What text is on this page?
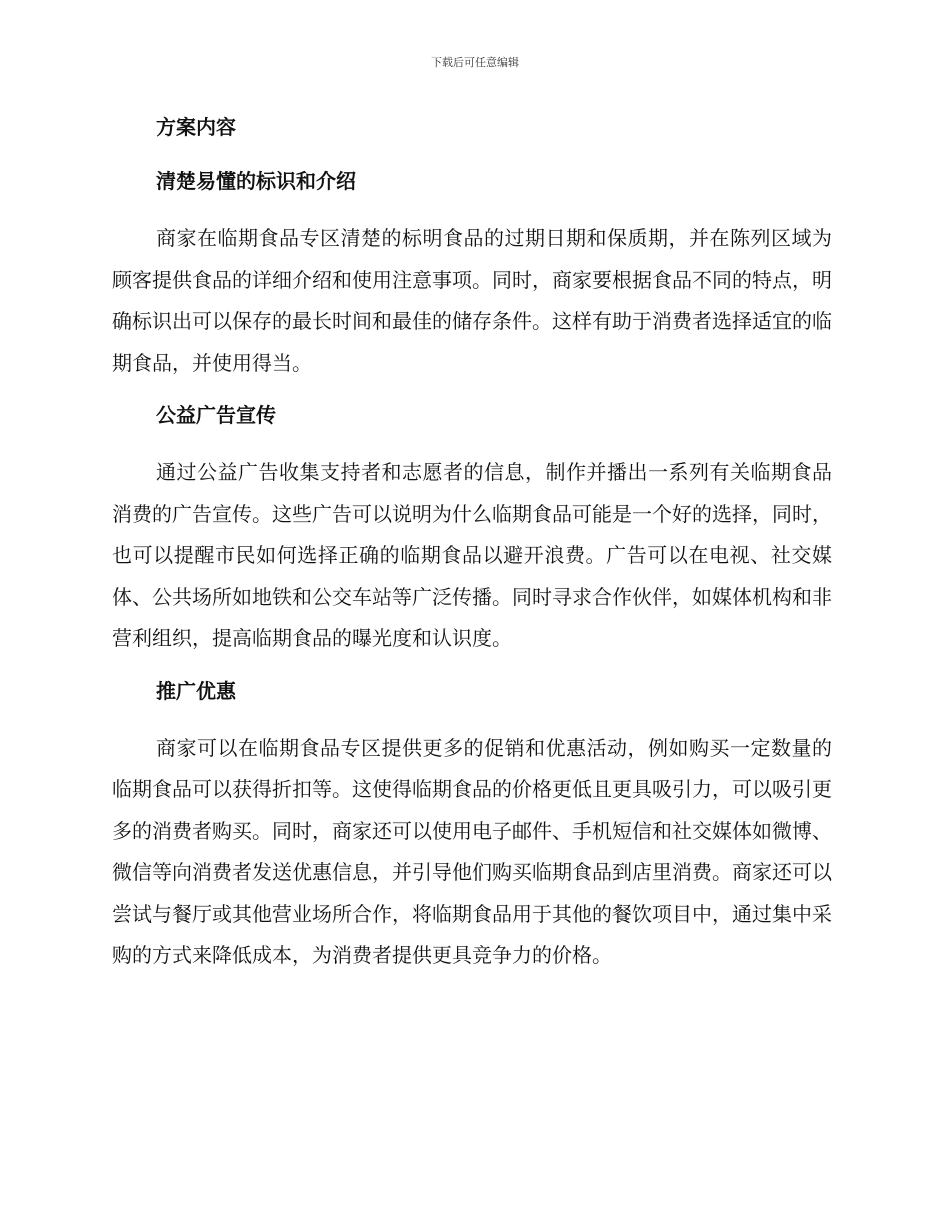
下载后可任意编辑
方案内容
清楚易懂的标识和介绍

商家在临期食品专区清楚的标明食品的过期日期和保质期，并在陈列区域为顾客提供食品的详细介绍和使用注意事项。同时，商家要根据食品不同的特点，明确标识出可以保存的最长时间和最佳的储存条件。这样有助于消费者选择适宜的临期食品，并使用得当。

公益广告宣传

通过公益广告收集支持者和志愿者的信息，制作并播出一系列有关临期食品消费的广告宣传。这些广告可以说明为什么临期食品可能是一个好的选择，同时，也可以提醒市民如何选择正确的临期食品以避开浪费。广告可以在电视、社交媒体、公共场所如地铁和公交车站等广泛传播。同时寻求合作伙伴，如媒体机构和非营利组织，提高临期食品的曝光度和认识度。

推广优惠

商家可以在临期食品专区提供更多的促销和优惠活动，例如购买一定数量的临期食品可以获得折扣等。这使得临期食品的价格更低且更具吸引力，可以吸引更多的消费者购买。同时，商家还可以使用电子邮件、手机短信和社交媒体如微博、微信等向消费者发送优惠信息，并引导他们购买临期食品到店里消费。商家还可以尝试与餐厅或其他营业场所合作，将临期食品用于其他的餐饮项目中，通过集中采购的方式来降低成本，为消费者提供更具竞争力的价格。
